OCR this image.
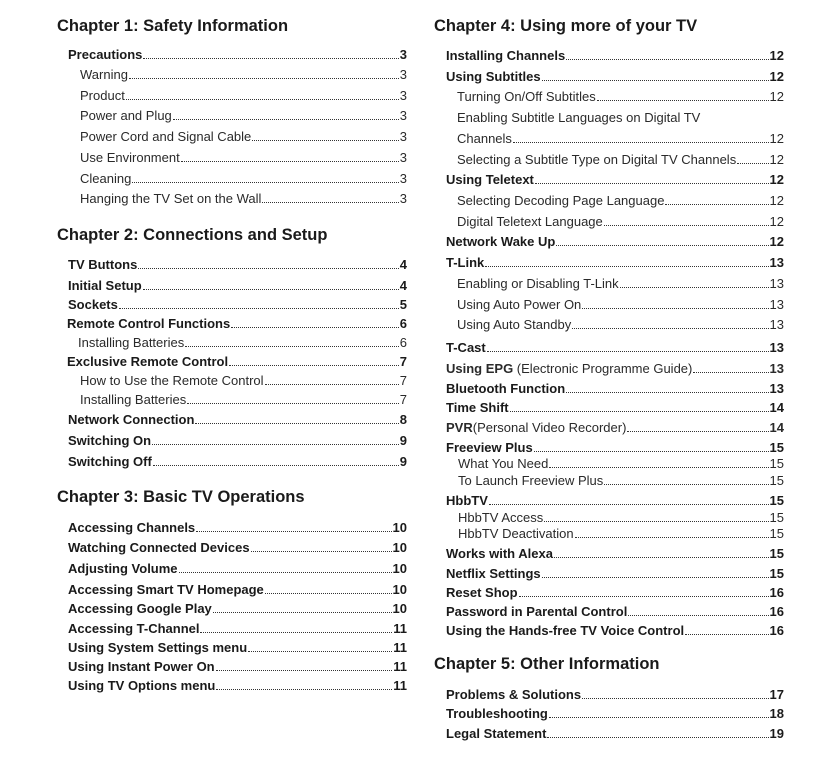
Chapter 1: Safety Information
Precautions	3
Warning	3
Product	3
Power and Plug	3
Power Cord and Signal Cable	3
Use Environment	3
Cleaning	3
Hanging the TV Set on the Wall	3
Chapter 2: Connections and Setup
TV Buttons	4
Initial Setup	4
Sockets	5
Remote Control Functions	6
Installing Batteries	6
Exclusive Remote Control	7
How to Use the Remote Control	7
Installing Batteries	7
Network Connection	8
Switching On	9
Switching Off	9
Chapter 3: Basic TV Operations
Accessing Channels	10
Watching Connected Devices	10
Adjusting Volume	10
Accessing Smart TV Homepage	10
Accessing Google Play	10
Accessing T-Channel	11
Using System Settings menu	11
Using Instant Power On	11
Using TV Options menu	11
Chapter 4: Using more of your TV
Installing Channels	12
Using Subtitles	12
Turning On/Off Subtitles	12
Enabling Subtitle Languages on Digital TV
Channels	12
Selecting a Subtitle Type on Digital TV Channels	12
Using Teletext	12
Selecting Decoding Page Language	12
Digital Teletext Language	12
Network Wake Up	12
T-Link	13
Enabling or Disabling T-Link	13
Using Auto Power On	13
Using Auto Standby	13
T-Cast	13
Using EPG (Electronic Programme Guide)	13
Bluetooth Function	13
Time Shift	14
PVR(Personal Video Recorder)	14
Freeview Plus	15
What You Need	15
To Launch Freeview Plus	15
HbbTV	15
HbbTV Access	15
HbbTV Deactivation	15
Works with Alexa	15
Netflix Settings	15
Reset Shop	16
Password in Parental Control	16
Using the Hands-free TV Voice Control	16
Chapter 5: Other Information
Problems & Solutions	17
Troubleshooting	18
Legal Statement	19
